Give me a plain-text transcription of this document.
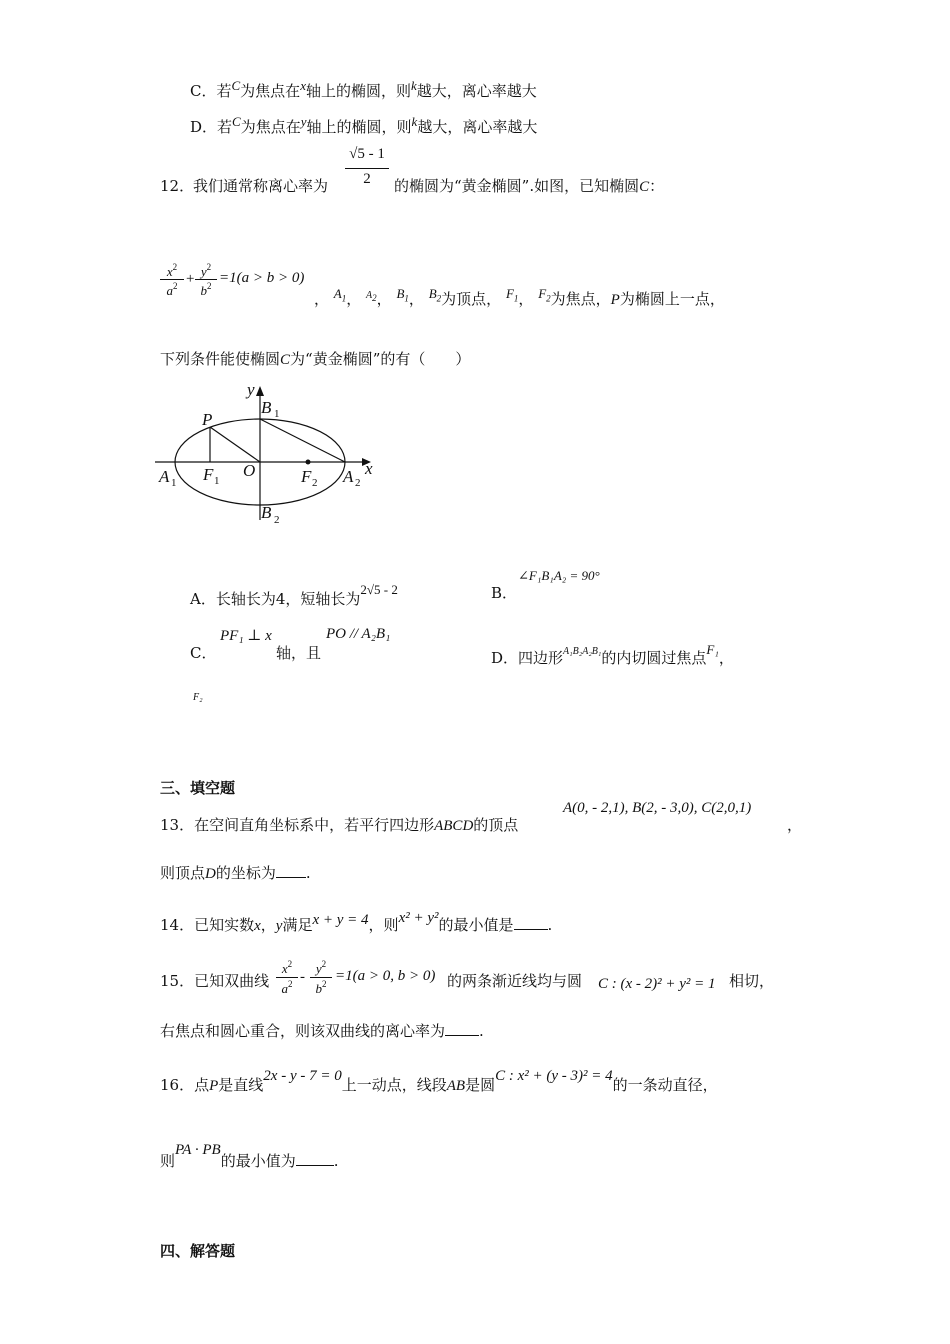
C．若C为焦点在x轴上的椭圆，则k越大，离心率越大
D．若C为焦点在y轴上的椭圆，则k越大，离心率越大
12．
我们通常称离心率为
√5 - 1
2	的椭圆为“黄金椭圆”.如图，已知椭圆C：
$x^2$
$a^2 + y^2$
$b^2 =1(a > b > 0)$
， $A_1$， $^{A_2}$， $B_1$， $B_2$为顶点， $F_1$， $F_2$为焦点，P为椭圆上一点，
下列条件能使椭圆C为“黄金椭圆”的有（　　）
y
x
O
P
B 1
B 2
A 1	A 2
F 1	F 2
A．长轴长为4，短轴长为2√5 - 2	B．
∠F₁B₁A₂ = 90°
C．
PF₁ ⊥ x
轴，且
PO // A₂B₁
D．四边形$^{A_1B_2A_2B_1}$的内切圆过焦点F₁，
F₂
三、填空题
13．在空间直角坐标系中，若平行四边形ABCD的顶点
A(0, - 2,1), B(2, - 3,0), C(2,0,1)
，
则顶点D的坐标为 .
14．已知实数x，y满足x + y = 4，则x² + y²的最小值是 .
15．已知双曲线
$x^2$
$a^2$ -
$y^2$
$b^2 =1(a > 0$, b > 0) 的两条渐近线均与圆 C : (x - 2)² + y² = 1 相切，
右焦点和圆心重合，则该双曲线的离心率为 .
16．点P是直线2x - y - 7 = 0上一动点，线段AB是圆C : x² + (y - 3)² = 4的一条动直径，
则PA · PB的最小值为	.
四、解答题
